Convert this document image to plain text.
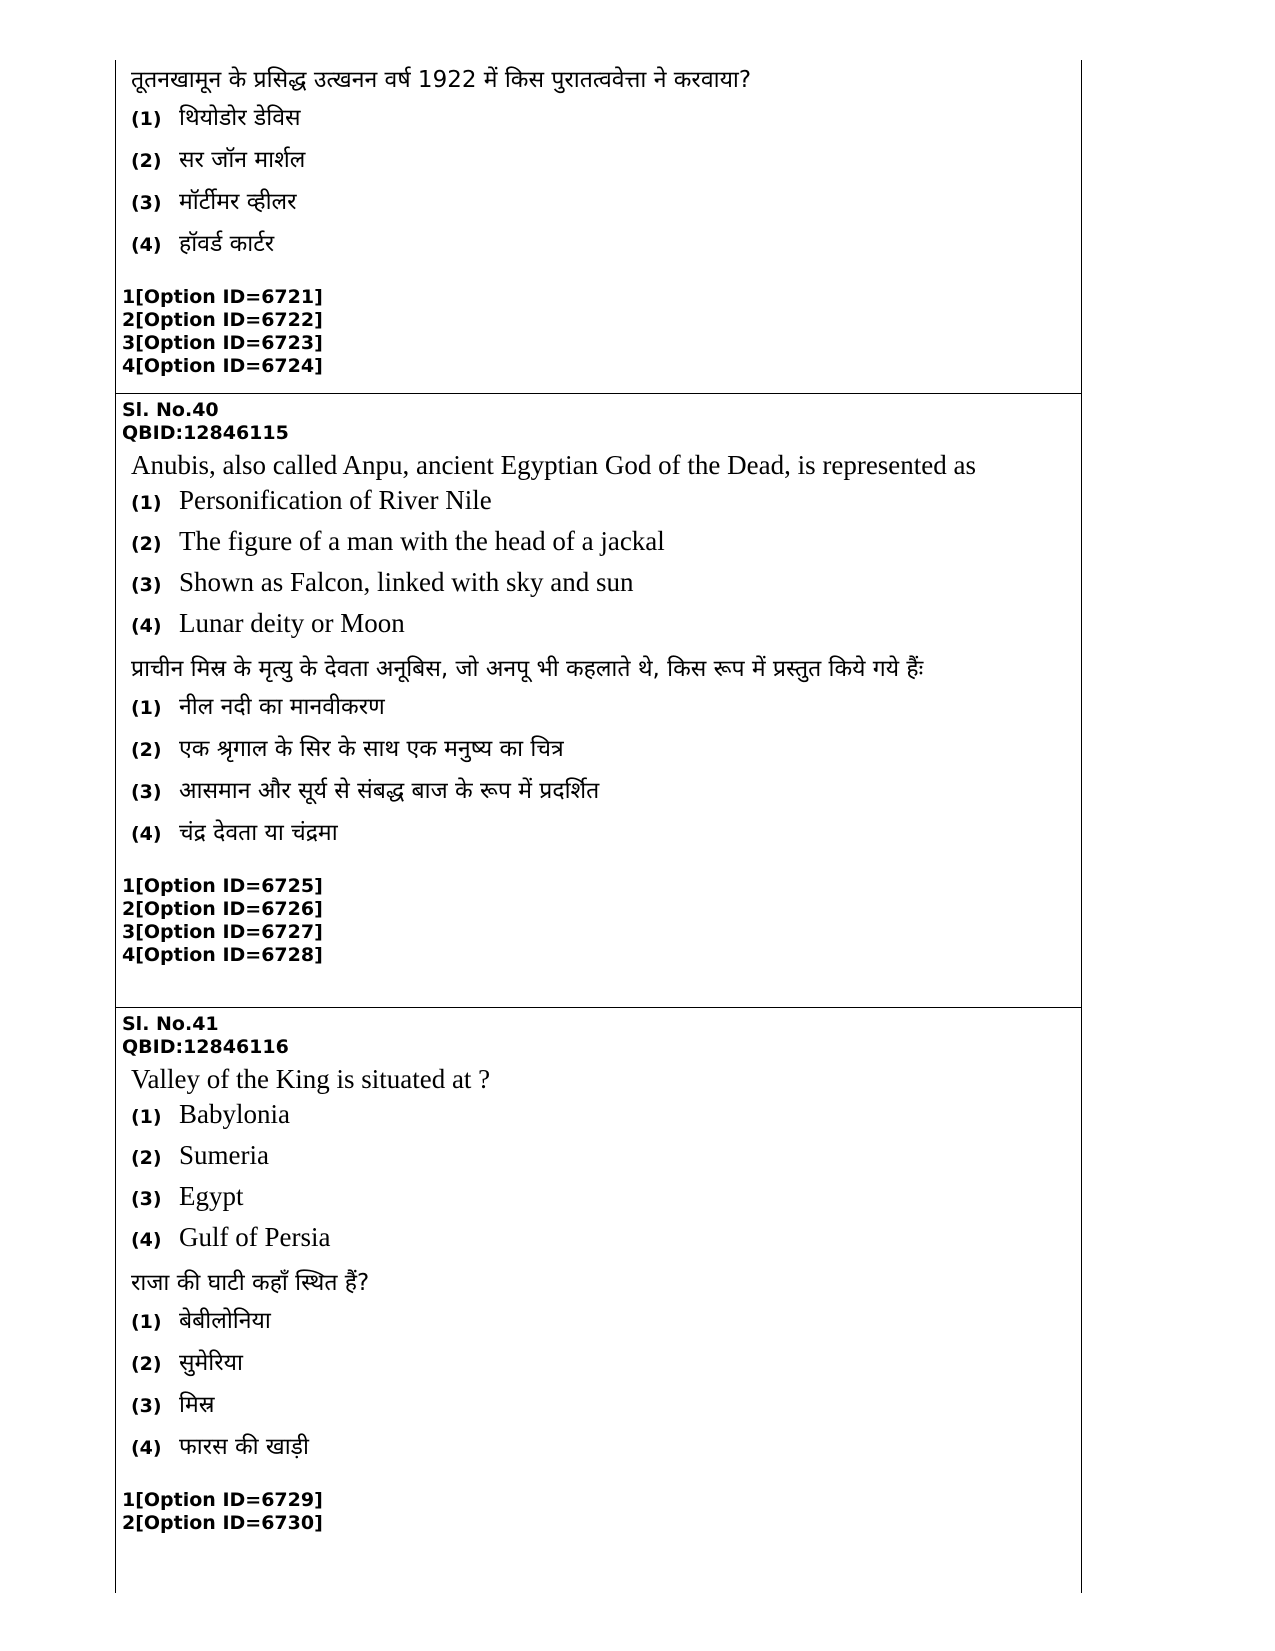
तूतनखामून के प्रसिद्ध उत्खनन वर्ष 1922 में किस पुरातत्ववेत्ता ने करवाया?
(1) थियोडोर डेविस
(2) सर जॉन मार्शल
(3) मॉर्टीमर व्हीलर
(4) हॉवर्ड कार्टर
1[Option ID=6721]
2[Option ID=6722]
3[Option ID=6723]
4[Option ID=6724]
Sl. No.40
QBID:12846115
Anubis, also called Anpu, ancient Egyptian God of the Dead, is represented as
(1) Personification of River Nile
(2) The figure of a man with the head of a jackal
(3) Shown as Falcon, linked with sky and sun
(4) Lunar deity or Moon
प्राचीन मिस्र के मृत्यु के देवता अनूबिस, जो अनपू भी कहलाते थे, किस रूप में प्रस्तुत किये गये हैंः
(1) नील नदी का मानवीकरण
(2) एक श्रृगाल के सिर के साथ एक मनुष्य का चित्र
(3) आसमान और सूर्य से संबद्ध बाज के रूप में प्रदर्शित
(4) चंद्र देवता या चंद्रमा
1[Option ID=6725]
2[Option ID=6726]
3[Option ID=6727]
4[Option ID=6728]
Sl. No.41
QBID:12846116
Valley of the King is situated at ?
(1) Babylonia
(2) Sumeria
(3) Egypt
(4) Gulf of Persia
राजा की घाटी कहाँ स्थित हैं?
(1) बेबीलोनिया
(2) सुमेरिया
(3) मिस्र
(4) फारस की खाड़ी
1[Option ID=6729]
2[Option ID=6730]
